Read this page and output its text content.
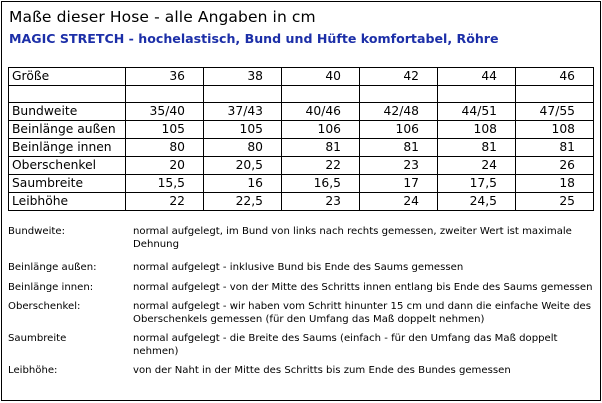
Maße dieser Hose - alle Angaben in cm
MAGIC STRETCH - hochelastisch, Bund und Hüfte komfortabel, Röhre
Größe	36	38	40	42	44	46

Bundweite	35/40	37/43	40/46	42/48	44/51	47/55
Beinlänge außen	105	105	106	106	108	108
Beinlänge innen	80	80	81	81	81	81
Oberschenkel	20	20,5	22	23	24	26
Saumbreite	15,5	16	16,5	17	17,5	18
Leibhöhe	22	22,5	23	24	24,5	25
Bundweite:	normal aufgelegt, im Bund von links nach rechts gemessen, zweiter Wert ist maximale Dehnung
Beinlänge außen:	normal aufgelegt - inklusive Bund bis Ende des Saums gemessen
Beinlänge innen:	normal aufgelegt - von der Mitte des Schritts innen entlang bis Ende des Saums gemessen
Oberschenkel:	normal aufgelegt - wir haben vom Schritt hinunter 15 cm und dann die einfache Weite des Oberschenkels gemessen (für den Umfang das Maß doppelt nehmen)
Saumbreite	normal aufgelegt - die Breite des Saums (einfach - für den Umfang das Maß doppelt nehmen)
Leibhöhe:	von der Naht in der Mitte des Schritts bis zum Ende des Bundes gemessen
